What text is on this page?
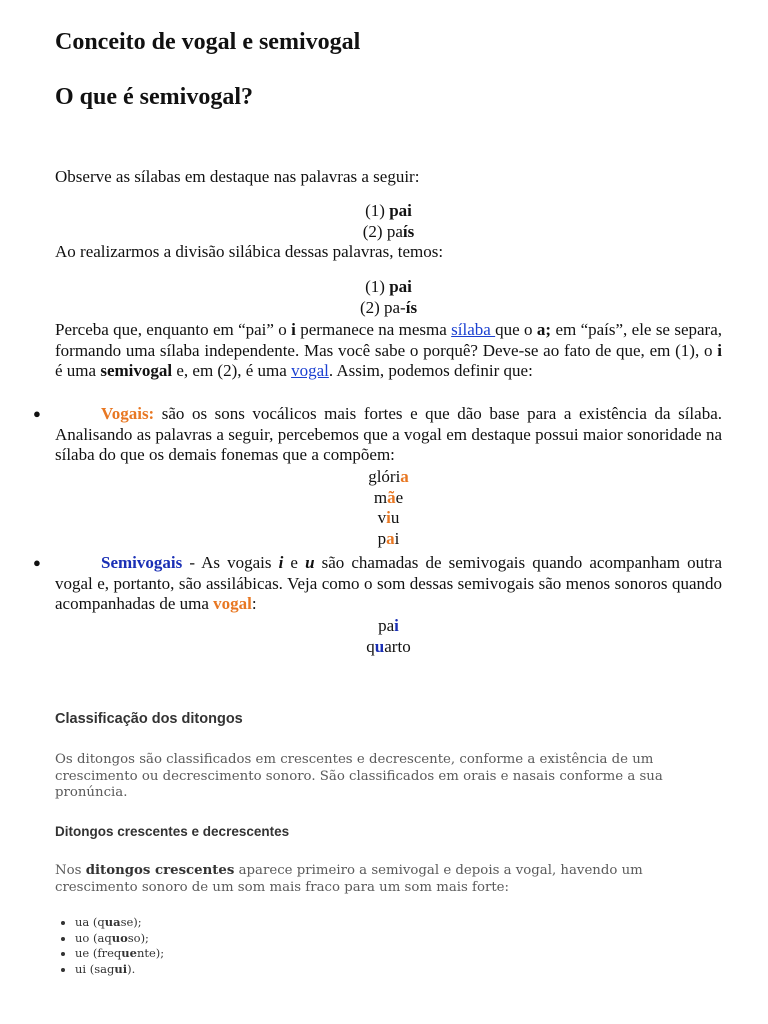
Conceito de vogal e semivogal
O que é semivogal?

Observe as sílabas em destaque nas palavras a seguir:

(1) pai

(2) país

Ao realizarmos a divisão silábica dessas palavras, temos:

(1) pai

(2) pa-ís

Perceba que, enquanto em “pai” o i permanece na mesma sílaba que o a; em “país”, ele se separa, formando uma sílaba independente. Mas você sabe o porquê? Deve-se ao fato de que, em (1), o i é uma semivogal e, em (2), é uma vogal. Assim, podemos definir que:

●	Vogais: são os sons vocálicos mais fortes e que dão base para a existência da sílaba. Analisando as palavras a seguir, percebemos que a vogal em destaque possui maior sonoridade na sílaba do que os demais fonemas que a compõem:

glória
mãe
viu
pai
●	Semivogais - As vogais i e u são chamadas de semivogais quando acompanham outra vogal e, portanto, são assilábicas. Veja como o som dessas semivogais são menos sonoros quando acompanhadas de uma vogal:

pai
quarto
Classificação dos ditongos

Os ditongos são classificados em crescentes e decrescente, conforme a existência de um crescimento ou decrescimento sonoro. São classificados em orais e nasais conforme a sua pronúncia.

Ditongos crescentes e decrescentes

Nos ditongos crescentes aparece primeiro a semivogal e depois a vogal, havendo um crescimento sonoro de um som mais fraco para um som mais forte:

• ua (quase);
• uo (aquoso);
• ue (frequente);
• ui (sagui).
